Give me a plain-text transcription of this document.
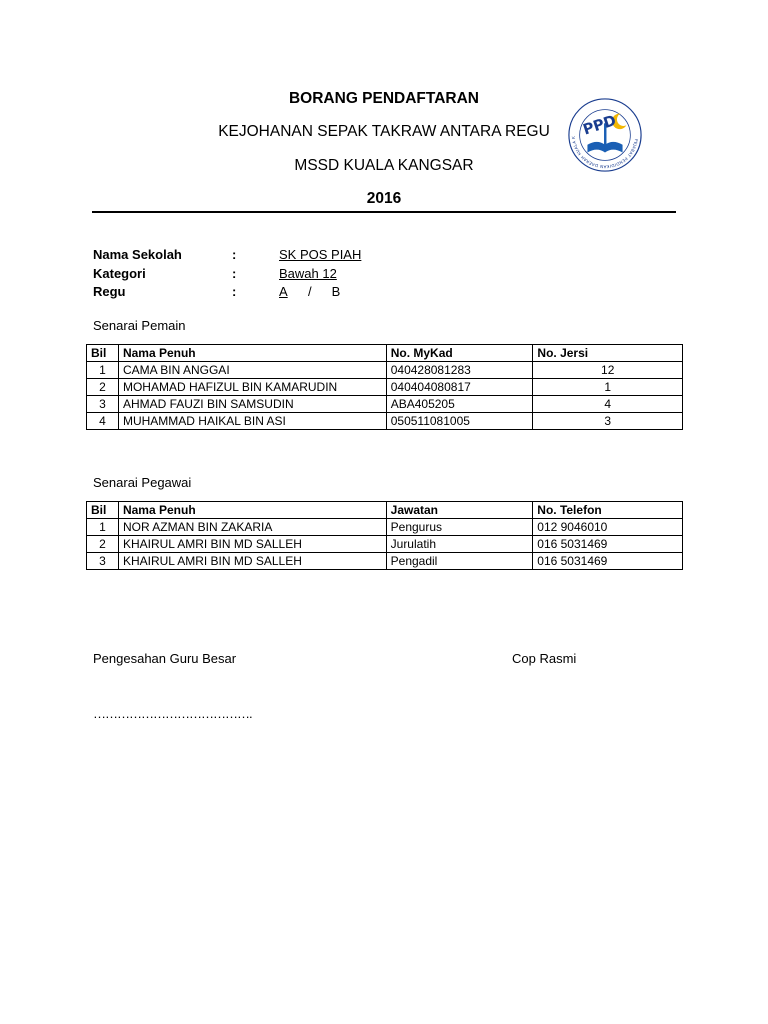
BORANG PENDAFTARAN
KEJOHANAN SEPAK TAKRAW ANTARA REGU
MSSD KUALA KANGSAR
2016
PEJABAT PENDIDIKAN DAERAH KUALA K PPD
Nama Sekolah	:	SK POS PIAH
Kategori	:	Bawah 12
Regu	:	A / B
Senarai Pemain
Bil	Nama Penuh	No. MyKad	No. Jersi
1	CAMA BIN ANGGAI	040428081283	12
2	MOHAMAD HAFIZUL BIN KAMARUDIN	040404080817	1
3	AHMAD FAUZI BIN SAMSUDIN	ABA405205	4
4	MUHAMMAD HAIKAL BIN ASI	050511081005	3
Senarai Pegawai
Bil	Nama Penuh	Jawatan	No. Telefon
1	NOR AZMAN BIN ZAKARIA	Pengurus	012 9046010
2	KHAIRUL AMRI BIN MD SALLEH	Jurulatih	016 5031469
3	KHAIRUL AMRI BIN MD SALLEH	Pengadil	016 5031469
Pengesahan Guru Besar	Cop Rasmi
………………………………….
